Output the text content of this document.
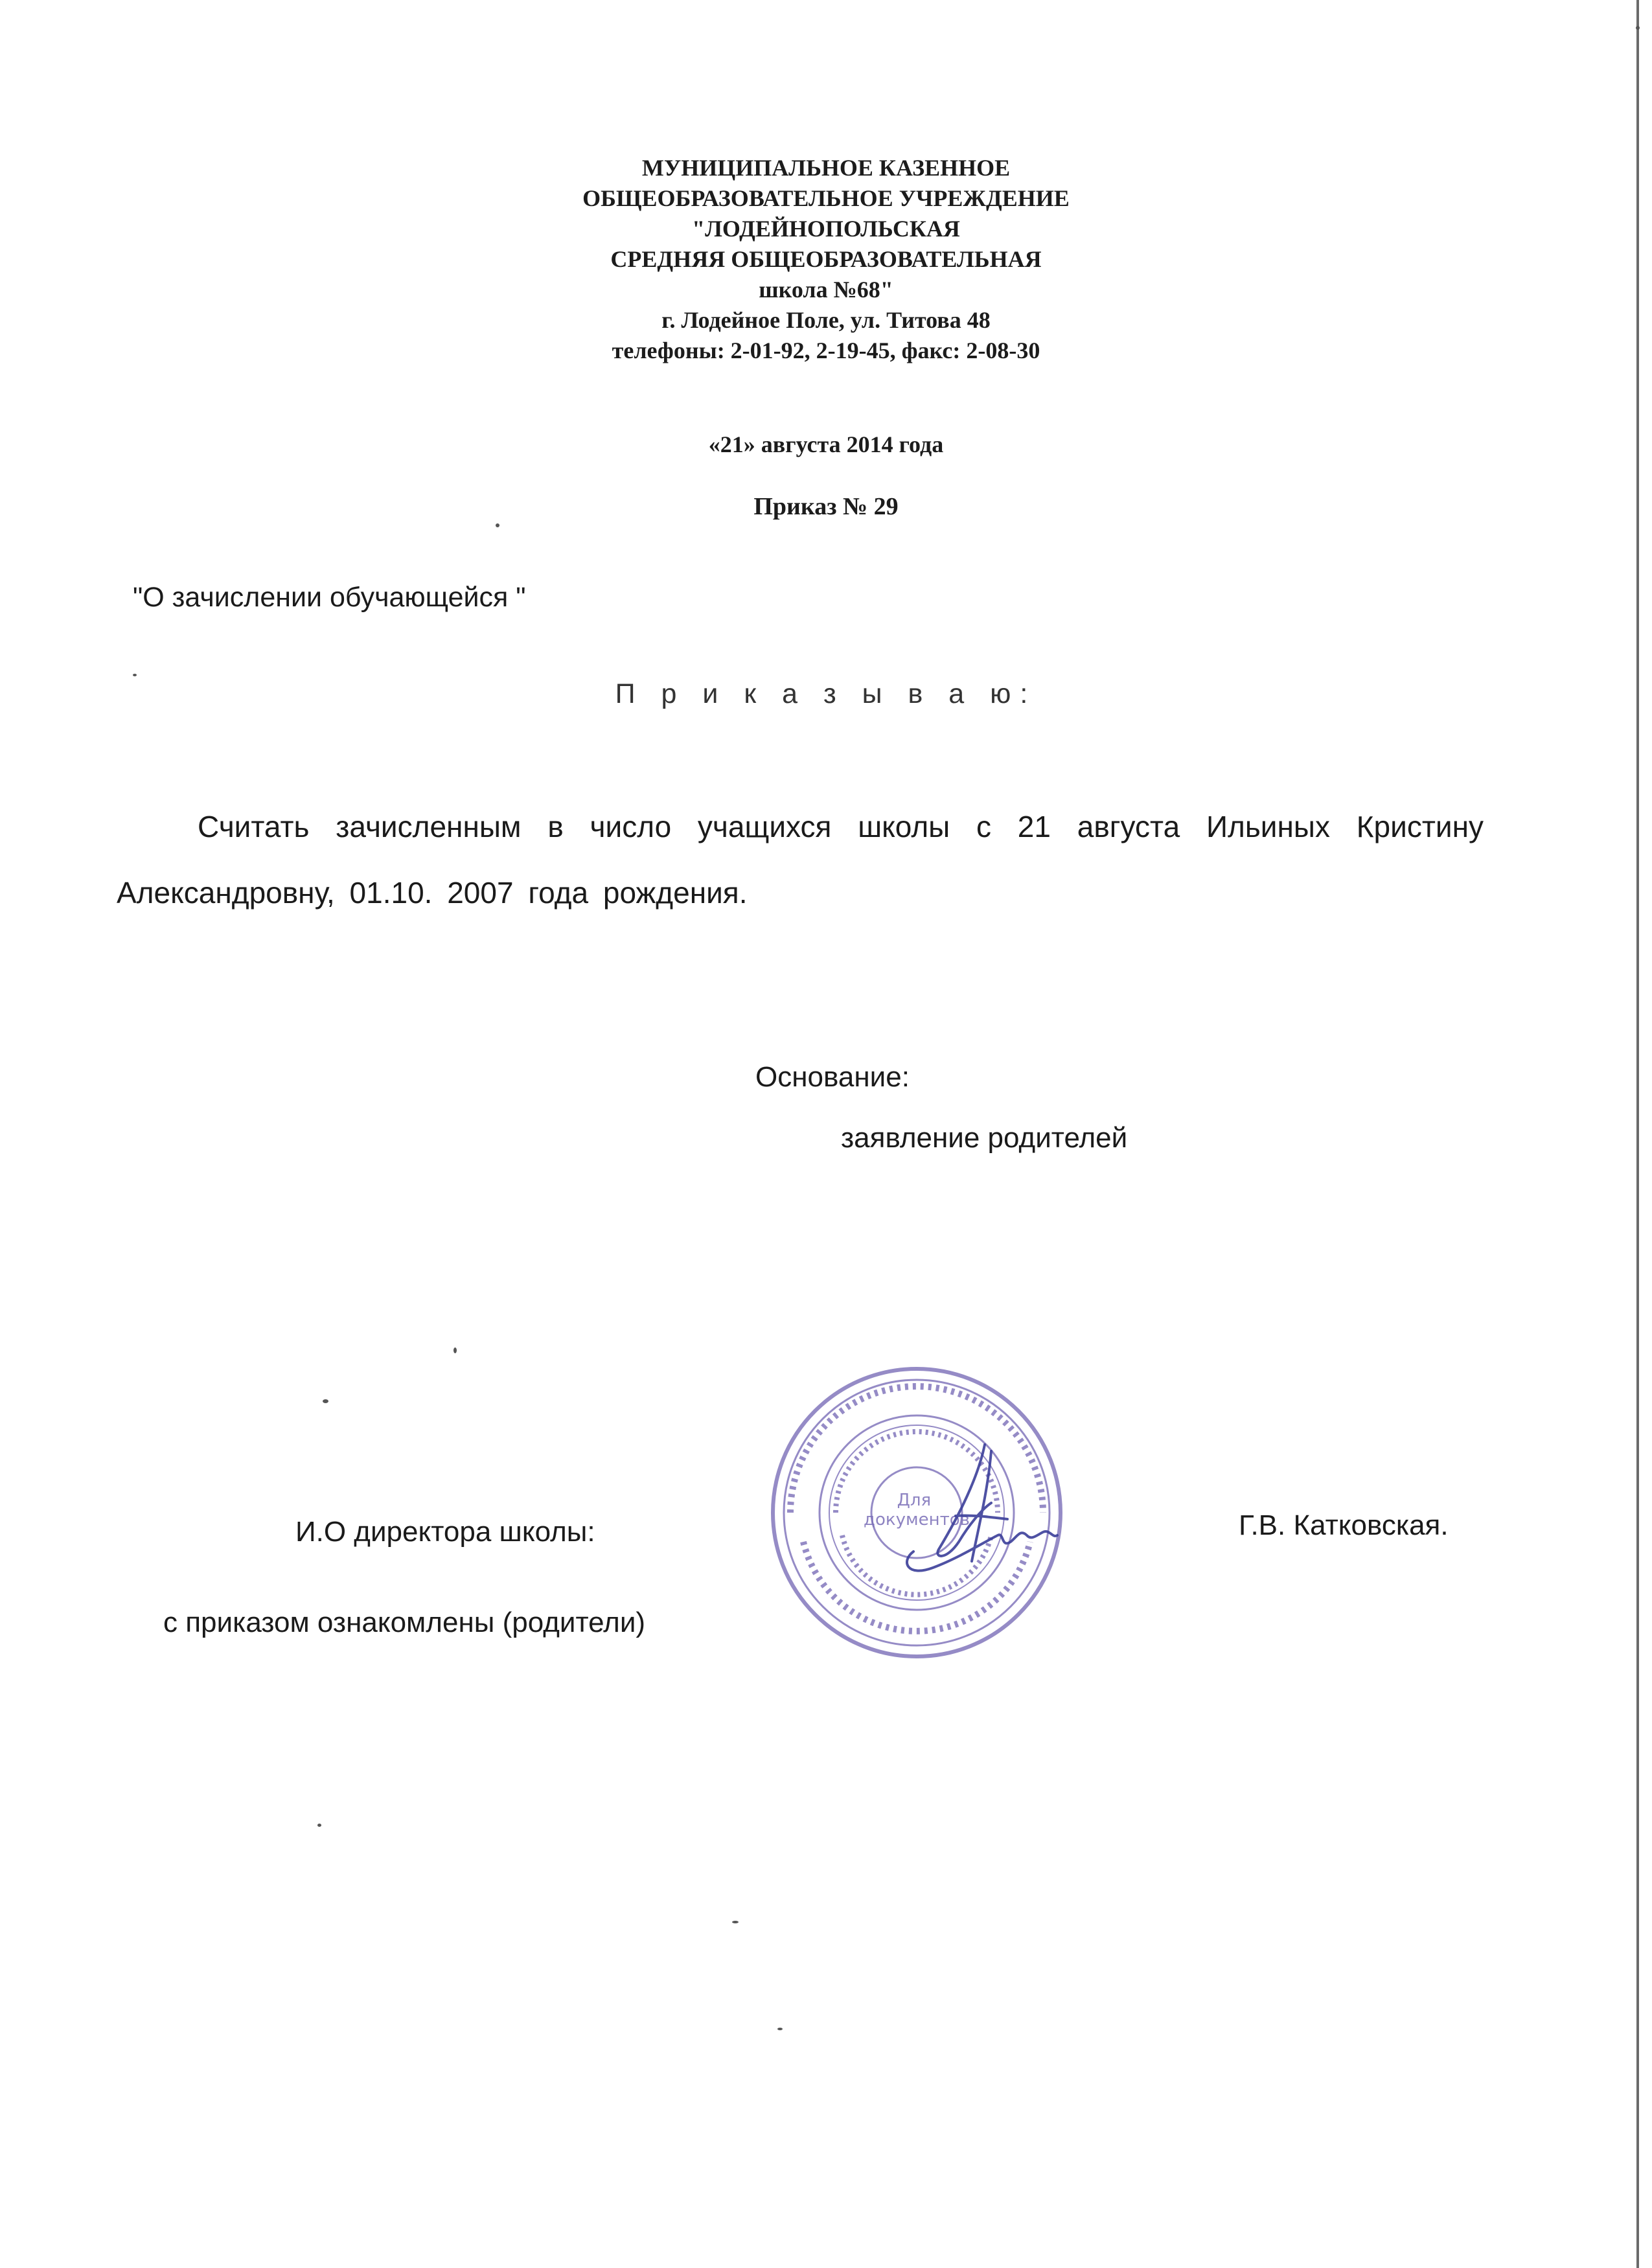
МУНИЦИПАЛЬНОЕ КАЗЕННОЕ
ОБЩЕОБРАЗОВАТЕЛЬНОЕ УЧРЕЖДЕНИЕ
"ЛОДЕЙНОПОЛЬСКАЯ
СРЕДНЯЯ ОБЩЕОБРАЗОВАТЕЛЬНАЯ
школа №68"
г. Лодейное Поле, ул. Титова 48
телефоны: 2-01-92, 2-19-45, факс: 2-08-30
«21» августа 2014 года
Приказ № 29
"О зачислении обучающейся "
П р и к а з ы в а ю:

Считать зачисленным в число учащихся школы с 21 августа Ильиных Кристину Александровну, 01.10. 2007 года рождения.

Основание:
заявление родителей
Для документов
И.О директора школы:	Г.В. Катковская.
с приказом ознакомлены (родители)
